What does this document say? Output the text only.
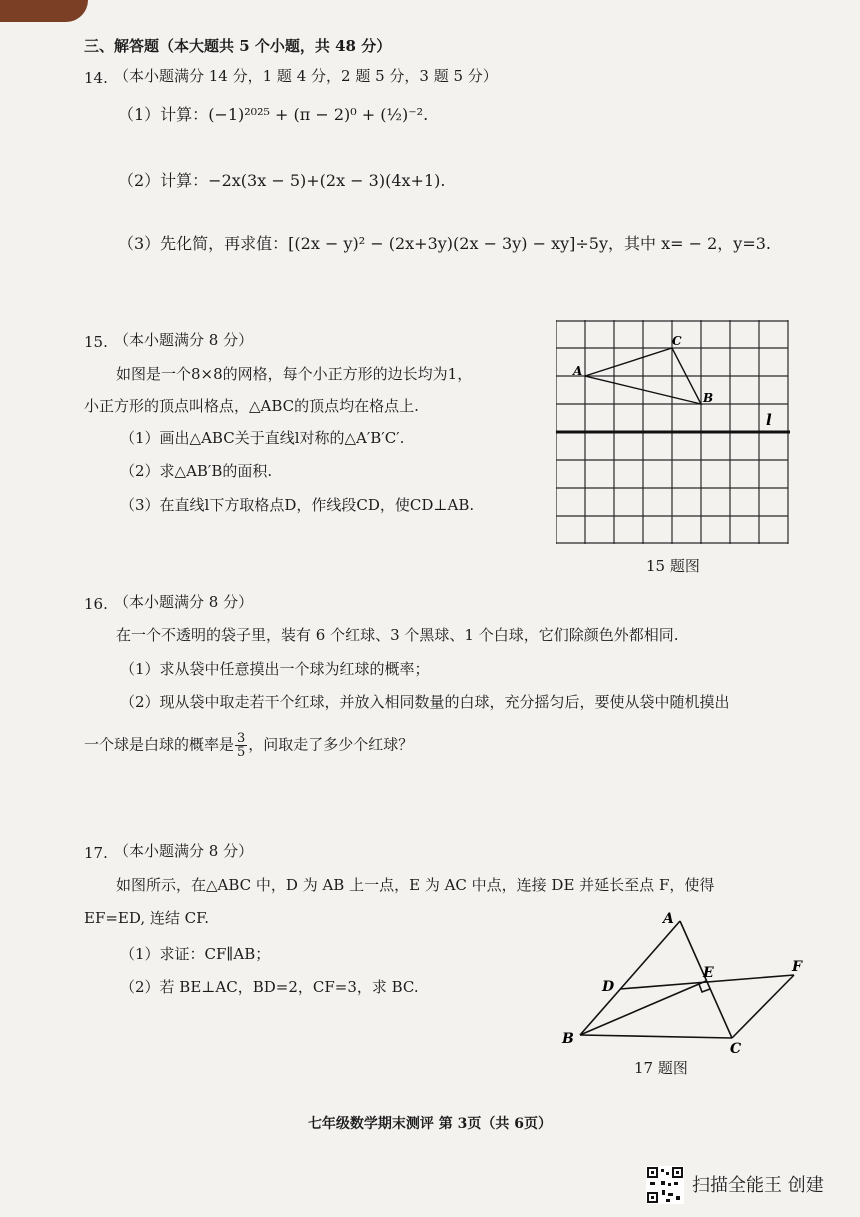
三、解答题（本大题共 5 个小题，共 48 分）
14. （本小题满分 14 分，1 题 4 分，2 题 5 分，3 题 5 分）
（1）计算：(−1)²⁰²⁵ + (π − 2)⁰ + (½)⁻².
（2）计算：−2x(3x − 5)+(2x − 3)(4x+1).
（3）先化简，再求值：[(2x − y)² − (2x+3y)(2x − 3y) − xy]÷5y，其中 x= − 2，y=3.
15. （本小题满分 8 分）
如图是一个8×8的网格，每个小正方形的边长均为1，
小正方形的顶点叫格点，△ABC的顶点均在格点上.
（1）画出△ABC关于直线l对称的△A′B′C′.
（2）求△AB′B的面积.
（3）在直线l下方取格点D，作线段CD，使CD⊥AB.
A
C
B
l
15 题图
16. （本小题满分 8 分）
在一个不透明的袋子里，装有 6 个红球、3 个黑球、1 个白球，它们除颜色外都相同.
（1）求从袋中任意摸出一个球为红球的概率；
（2）现从袋中取走若干个红球，并放入相同数量的白球，充分摇匀后，要使从袋中随机摸出
一个球是白球的概率是 $\frac{3}{5}$ ，问取走了多少个红球？
17. （本小题满分 8 分）
如图所示，在△ABC 中，D 为 AB 上一点，E 为 AC 中点，连接 DE 并延长至点 F，使得
EF=ED, 连结 CF.
（1）求证：CF∥AB；
（2）若 BE⊥AC，BD=2，CF=3，求 BC.
A
D
E	F
B
C
17 题图
七年级数学期末测评 第 3页（共 6页）
扫描全能王 创建
